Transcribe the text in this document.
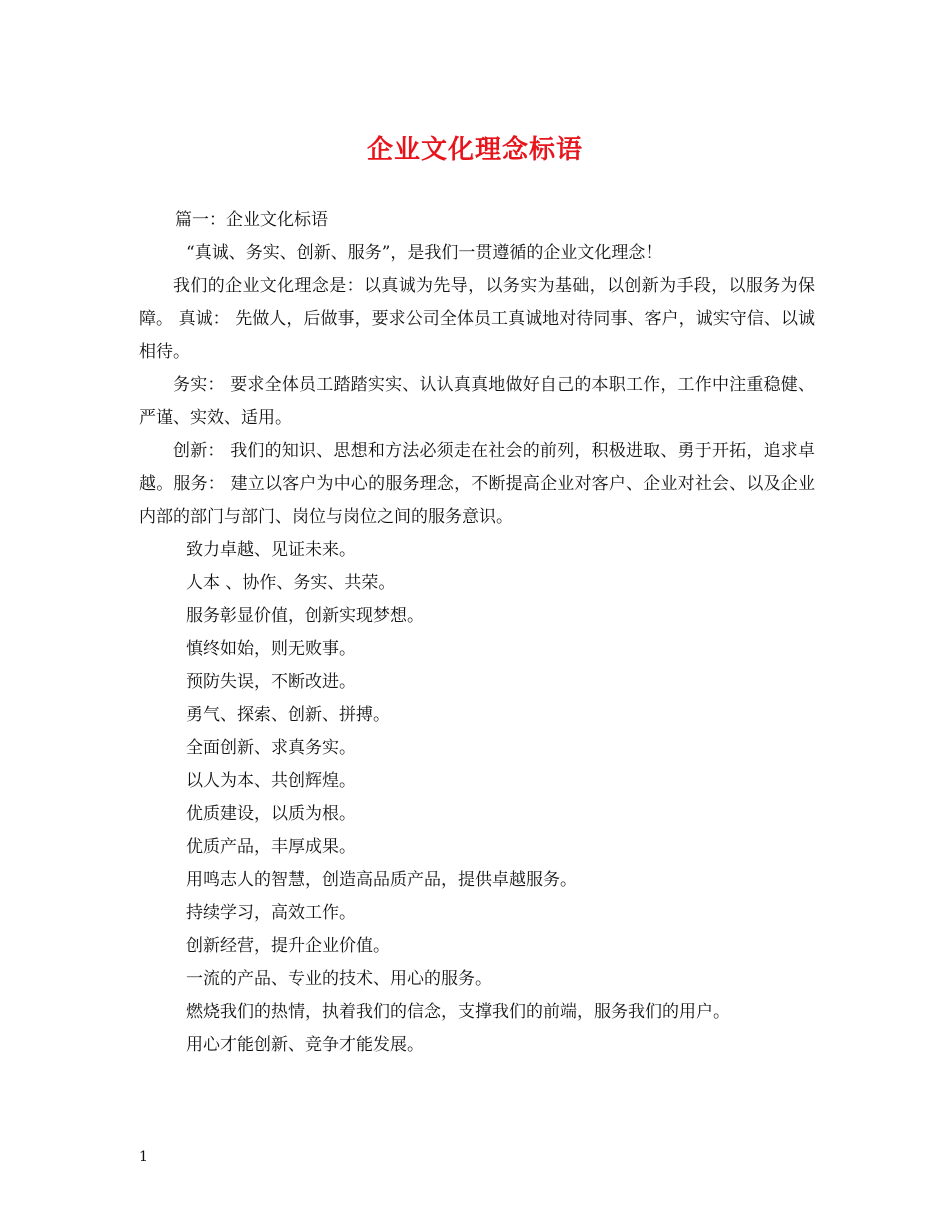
企业文化理念标语

篇一：企业文化标语

“真诚、务实、创新、服务”，是我们一贯遵循的企业文化理念！

我们的企业文化理念是：以真诚为先导，以务实为基础，以创新为手段，以服务为保障。 真诚： 先做人，后做事，要求公司全体员工真诚地对待同事、客户，诚实守信、以诚相待。

务实： 要求全体员工踏踏实实、认认真真地做好自己的本职工作，工作中注重稳健、严谨、实效、适用。

创新： 我们的知识、思想和方法必须走在社会的前列，积极进取、勇于开拓，追求卓越。服务： 建立以客户为中心的服务理念，不断提高企业对客户、企业对社会、以及企业内部的部门与部门、岗位与岗位之间的服务意识。

致力卓越、见证未来。

人本 、协作、务实、共荣。

服务彰显价值，创新实现梦想。

慎终如始，则无败事。

预防失误，不断改进。

勇气、探索、创新、拼搏。

全面创新、求真务实。

以人为本、共创辉煌。

优质建设，以质为根。

优质产品，丰厚成果。

用鸣志人的智慧，创造高品质产品，提供卓越服务。

持续学习，高效工作。

创新经营，提升企业价值。

一流的产品、专业的技术、用心的服务。

燃烧我们的热情，执着我们的信念，支撑我们的前端，服务我们的用户。

用心才能创新、竞争才能发展。

1
